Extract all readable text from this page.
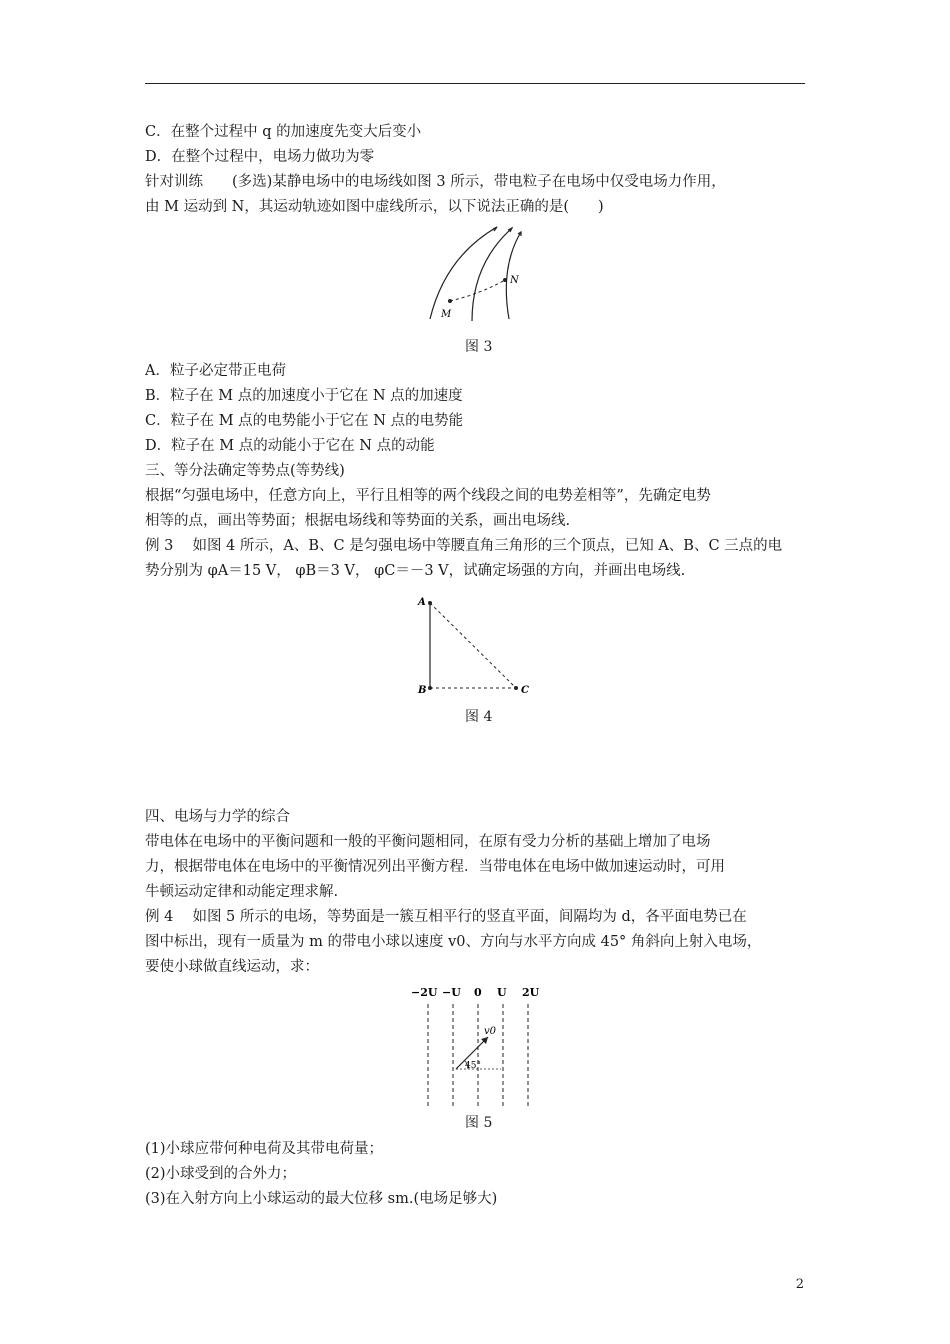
C．在整个过程中 q 的加速度先变大后变小
D．在整个过程中，电场力做功为零
针对训练　　(多选)某静电场中的电场线如图 3 所示，带电粒子在电场中仅受电场力作用，
由 M 运动到 N，其运动轨迹如图中虚线所示，以下说法正确的是(　　)
M
N
图 3
A．粒子必定带正电荷
B．粒子在 M 点的加速度小于它在 N 点的加速度
C．粒子在 M 点的电势能小于它在 N 点的电势能
D．粒子在 M 点的动能小于它在 N 点的动能
三、等分法确定等势点(等势线)
根据“匀强电场中，任意方向上，平行且相等的两个线段之间的电势差相等”，先确定电势
相等的点，画出等势面；根据电场线和等势面的关系，画出电场线.
例 3　 如图 4 所示，A、B、C 是匀强电场中等腰直角三角形的三个顶点，已知 A、B、C 三点的电
势分别为 φA＝15 V， φB＝3 V， φC＝－3 V，试确定场强的方向，并画出电场线.
A
B	C
图 4
四、电场与力学的综合
带电体在电场中的平衡问题和一般的平衡问题相同，在原有受力分析的基础上增加了电场
力，根据带电体在电场中的平衡情况列出平衡方程．当带电体在电场中做加速运动时，可用
牛顿运动定律和动能定理求解.
例 4　 如图 5 所示的电场，等势面是一簇互相平行的竖直平面，间隔均为 d，各平面电势已在
图中标出，现有一质量为 m 的带电小球以速度 v0、方向与水平方向成 45° 角斜向上射入电场，
要使小球做直线运动，求：
−2U −U 0 U 2U
v0
45°
图 5
(1)小球应带何种电荷及其带电荷量；
(2)小球受到的合外力；
(3)在入射方向上小球运动的最大位移 sm.(电场足够大)
2
